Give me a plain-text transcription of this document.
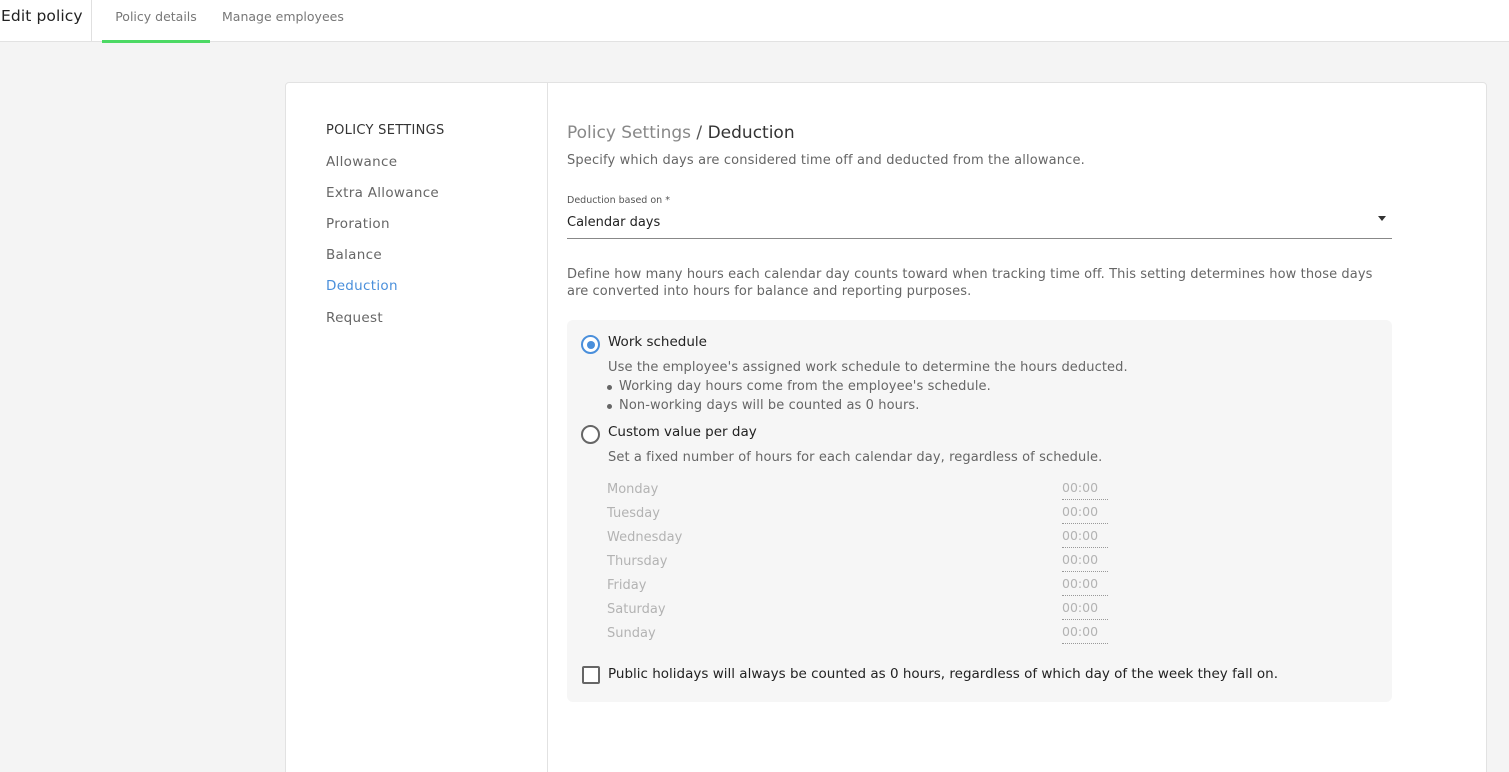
Edit policy	Policy details	Manage employees
POLICY SETTINGS
Allowance
Extra Allowance
Proration
Balance
Deduction
Request
Policy Settings / Deduction
Specify which days are considered time off and deducted from the allowance.
Deduction based on *
Calendar days
Define how many hours each calendar day counts toward when tracking time off. This setting determines how those days are converted into hours for balance and reporting purposes.
Work schedule
Use the employee's assigned work schedule to determine the hours deducted.
Working day hours come from the employee's schedule.
Non-working days will be counted as 0 hours.
Custom value per day
Set a fixed number of hours for each calendar day, regardless of schedule.
Monday	00:00
Tuesday	00:00
Wednesday	00:00
Thursday	00:00
Friday	00:00
Saturday	00:00
Sunday	00:00
Public holidays will always be counted as 0 hours, regardless of which day of the week they fall on.
